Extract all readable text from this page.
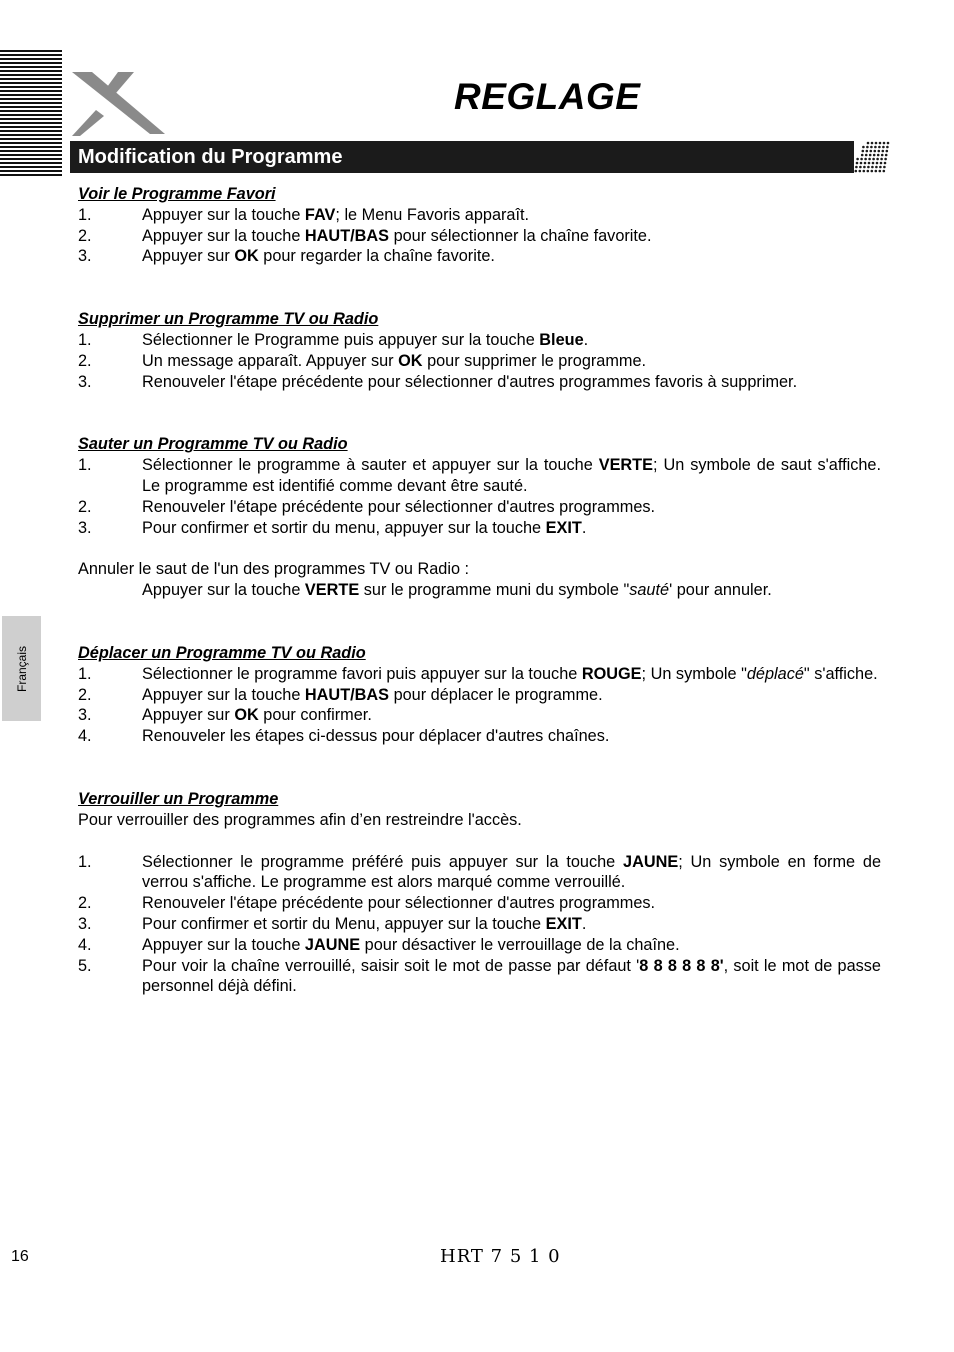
REGLAGE
Modification du Programme

Voir le Programme Favori

1.	Appuyer sur la touche FAV; le Menu Favoris apparaît.
2.	Appuyer sur la touche HAUT/BAS pour sélectionner la chaîne favorite.
3.	Appuyer sur OK pour regarder la chaîne favorite.

Supprimer un Programme TV ou Radio

1.	Sélectionner le Programme puis appuyer sur la touche Bleue.
2.	Un message apparaît. Appuyer sur OK pour supprimer le programme.
3.	Renouveler l'étape précédente pour sélectionner d'autres programmes favoris à supprimer.

Sauter un Programme TV ou Radio

1.	Sélectionner le programme à sauter et appuyer sur la touche VERTE; Un symbole de saut s'affiche. Le programme est identifié comme devant être sauté.
2.	Renouveler l'étape précédente pour sélectionner d'autres programmes.
3.	Pour confirmer et sortir du menu, appuyer sur la touche EXIT.

Annuler le saut de l'un des programmes TV ou Radio :

Appuyer sur la touche VERTE sur le programme muni du symbole "sauté' pour annuler.

Déplacer un Programme TV ou Radio

1.	Sélectionner le programme favori puis appuyer sur la touche ROUGE; Un symbole "déplacé" s'affiche.
2.	Appuyer sur la touche HAUT/BAS pour déplacer le programme.
3.	Appuyer sur OK pour confirmer.
4.	Renouveler les étapes ci-dessus pour déplacer d'autres chaînes.

Verrouiller un Programme

Pour verrouiller des programmes afin d’en restreindre l'accès.

1.	Sélectionner le programme préféré puis appuyer sur la touche JAUNE; Un symbole en forme de verrou s'affiche. Le programme est alors marqué comme verrouillé.
2.	Renouveler l'étape précédente pour sélectionner d'autres programmes.
3.	Pour confirmer et sortir du Menu, appuyer sur la touche EXIT.
4.	Appuyer sur la touche JAUNE pour désactiver le verrouillage de la chaîne.
5.	Pour voir la chaîne verrouillé, saisir soit le mot de passe par défaut '8 8 8 8 8 8', soit le mot de passe personnel déjà défini.
Français
16	HRT 7 5 1 0
